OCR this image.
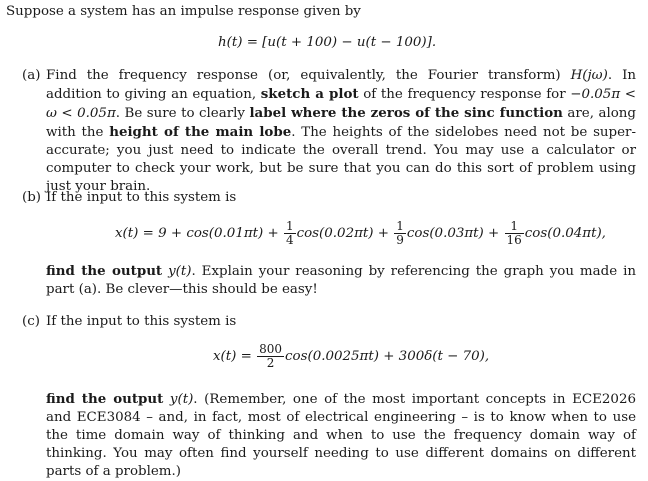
Suppose a system has an impulse response given by
h(t) = [u(t + 100) − u(t − 100)].
(a) Find the frequency response (or, equivalently, the Fourier transform) H(jω). In addition to giving an equation, sketch a plot of the frequency response for −0.05π < ω < 0.05π. Be sure to clearly label where the zeros of the sinc function are, along with the height of the main lobe. The heights of the sidelobes need not be super-accurate; you just need to indicate the overall trend. You may use a calculator or computer to check your work, but be sure that you can do this sort of problem using just your brain.
(b) If the input to this system is
$x(t) = 9 + \cos(0.01\pi t) + \frac{1}{4} \cos(0.02\pi t) + \frac{1}{9} \cos(0.03\pi t) + \frac{1}{16} \cos(0.04\pi t)$,
find the output y(t). Explain your reasoning by referencing the graph you made in part (a). Be clever—this should be easy!
(c) If the input to this system is
$x(t) = \frac{800}{2} \cos(0.0025\pi t) + 300\delta(t - 70)$,
find the output y(t). (Remember, one of the most important concepts in ECE2026 and ECE3084 – and, in fact, most of electrical engineering – is to know when to use the time domain way of thinking and when to use the frequency domain way of thinking. You may often find yourself needing to use different domains on different parts of a problem.)
